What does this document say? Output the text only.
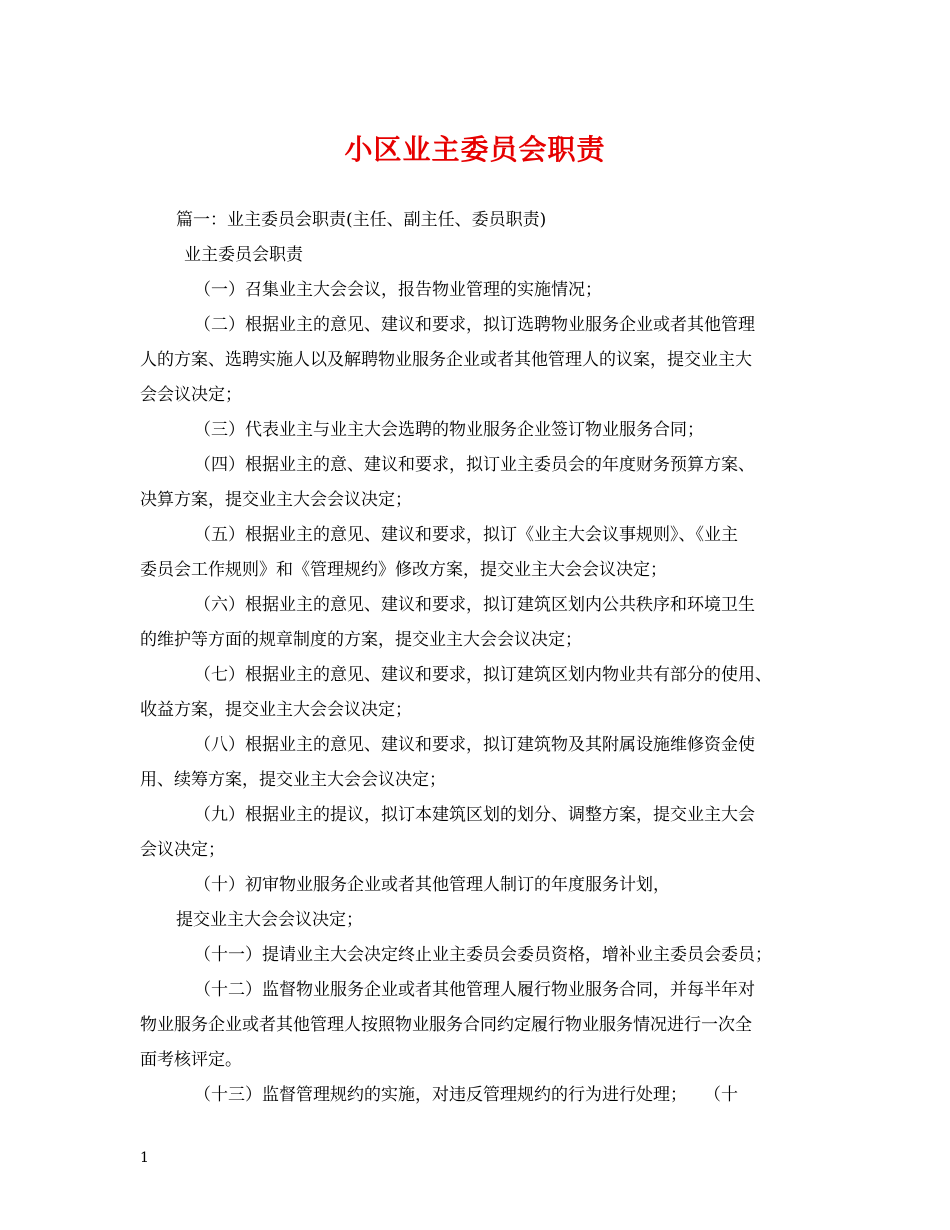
小区业主委员会职责
篇一：业主委员会职责(主任、副主任、委员职责)
业主委员会职责
（一）召集业主大会会议，报告物业管理的实施情况；
（二）根据业主的意见、建议和要求，拟订选聘物业服务企业或者其他管理
人的方案、选聘实施人以及解聘物业服务企业或者其他管理人的议案，提交业主大
会会议决定；
（三）代表业主与业主大会选聘的物业服务企业签订物业服务合同；
（四）根据业主的意、建议和要求，拟订业主委员会的年度财务预算方案、
决算方案，提交业主大会会议决定；
（五）根据业主的意见、建议和要求，拟订《业主大会议事规则》、《业主
委员会工作规则》和《管理规约》修改方案，提交业主大会会议决定；
（六）根据业主的意见、建议和要求，拟订建筑区划内公共秩序和环境卫生
的维护等方面的规章制度的方案，提交业主大会会议决定；
（七）根据业主的意见、建议和要求，拟订建筑区划内物业共有部分的使用、
收益方案，提交业主大会会议决定；
（八）根据业主的意见、建议和要求，拟订建筑物及其附属设施维修资金使
用、续筹方案，提交业主大会会议决定；
（九）根据业主的提议，拟订本建筑区划的划分、调整方案，提交业主大会
会议决定；
（十）初审物业服务企业或者其他管理人制订的年度服务计划，
提交业主大会会议决定；
（十一）提请业主大会决定终止业主委员会委员资格，增补业主委员会委员；
（十二）监督物业服务企业或者其他管理人履行物业服务合同，并每半年对
物业服务企业或者其他管理人按照物业服务合同约定履行物业服务情况进行一次全
面考核评定。
（十三）监督管理规约的实施，对违反管理规约的行为进行处理；　　（十
1
